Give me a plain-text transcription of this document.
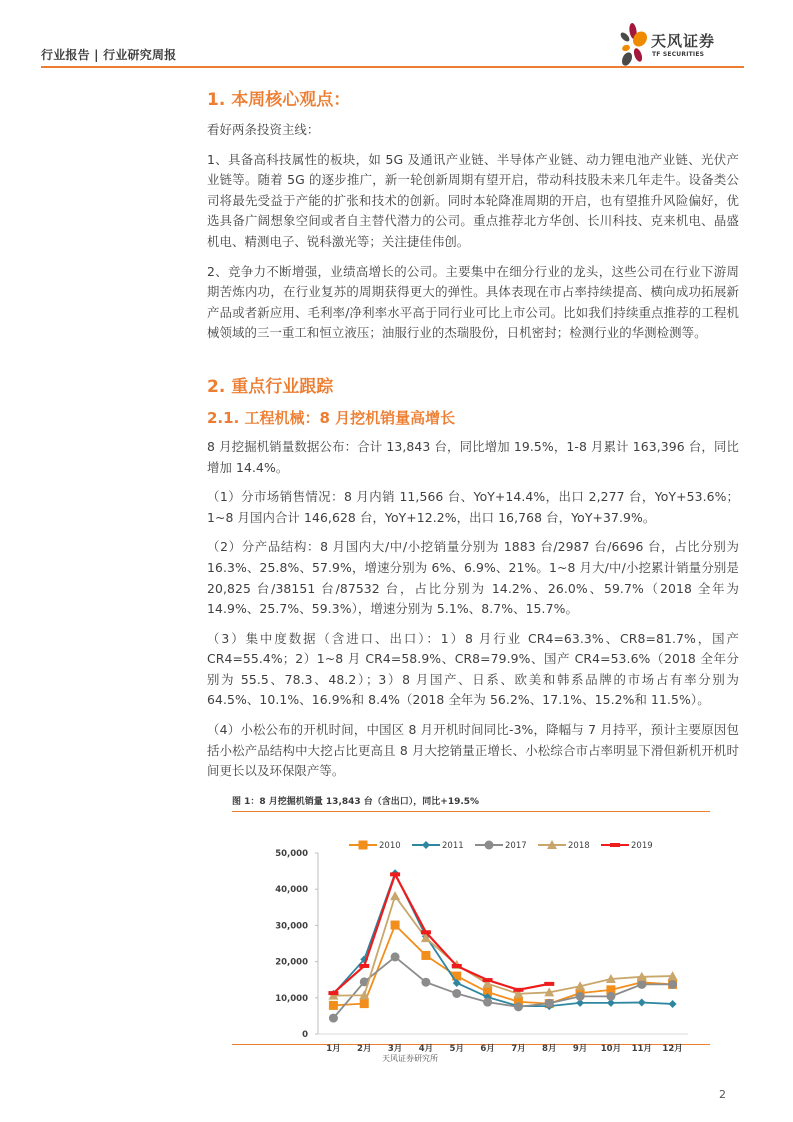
行业报告 | 行业研究周报
天风证券
TF SECURITIES
1. 本周核心观点：

看好两条投资主线：

1、具备高科技属性的板块，如 5G 及通讯产业链、半导体产业链、动力锂电池产业链、光伏产业链等。随着 5G 的逐步推广，新一轮创新周期有望开启，带动科技股未来几年走牛。设备类公司将最先受益于产能的扩张和技术的创新。同时本轮降准周期的开启，也有望推升风险偏好，优选具备广阔想象空间或者自主替代潜力的公司。重点推荐北方华创、长川科技、克来机电、晶盛机电、精测电子、锐科激光等；关注捷佳伟创。

2、竞争力不断增强，业绩高增长的公司。主要集中在细分行业的龙头，这些公司在行业下游周期苦炼内功，在行业复苏的周期获得更大的弹性。具体表现在市占率持续提高、横向成功拓展新产品或者新应用、毛利率/净利率水平高于同行业可比上市公司。比如我们持续重点推荐的工程机械领域的三一重工和恒立液压；油服行业的杰瑞股份，日机密封；检测行业的华测检测等。

2. 重点行业跟踪
2.1. 工程机械：8 月挖机销量高增长

8 月挖掘机销量数据公布：合计 13,843 台，同比增加 19.5%，1-8 月累计 163,396 台，同比增加 14.4%。

（1）分市场销售情况：8 月内销 11,566 台、YoY+14.4%，出口 2,277 台，YoY+53.6%；1~8 月国内合计 146,628 台，YoY+12.2%，出口 16,768 台，YoY+37.9%。

（2）分产品结构：8 月国内大/中/小挖销量分别为 1883 台/2987 台/6696 台，占比分别为 16.3%、25.8%、57.9%，增速分别为 6%、6.9%、21%。1~8 月大/中/小挖累计销量分别是 20,825 台/38151 台/87532 台，占比分别为 14.2%、26.0%、59.7%（2018 全年为 14.9%、25.7%、59.3%），增速分别为 5.1%、8.7%、15.7%。

（3）集中度数据（含进口、出口）：1）8 月行业 CR4=63.3%、CR8=81.7%，国产 CR4=55.4%；2）1~8 月 CR4=58.9%、CR8=79.9%、国产 CR4=53.6%（2018 全年分别为 55.5、78.3、48.2）；3）8 月国产、日系、欧美和韩系品牌的市场占有率分别为 64.5%、10.1%、16.9%和 8.4%（2018 全年为 56.2%、17.1%、15.2%和 11.5%）。

（4）小松公布的开机时间，中国区 8 月开机时间同比-3%，降幅与 7 月持平，预计主要原因包括小松产品结构中大挖占比更高且 8 月大挖销量正增长、小松综合市占率明显下滑但新机开机时间更长以及环保限产等。

图 1：8 月挖掘机销量 13,843 台（含出口），同比+19.5%
0
10,000
20,000
30,000
40,000
50,000
1月 2月 3月 4月 5月 6月 7月 8月 9月 10月 11月 12月
2010	2011	2017	2018	2019
天风证券研究所
2
